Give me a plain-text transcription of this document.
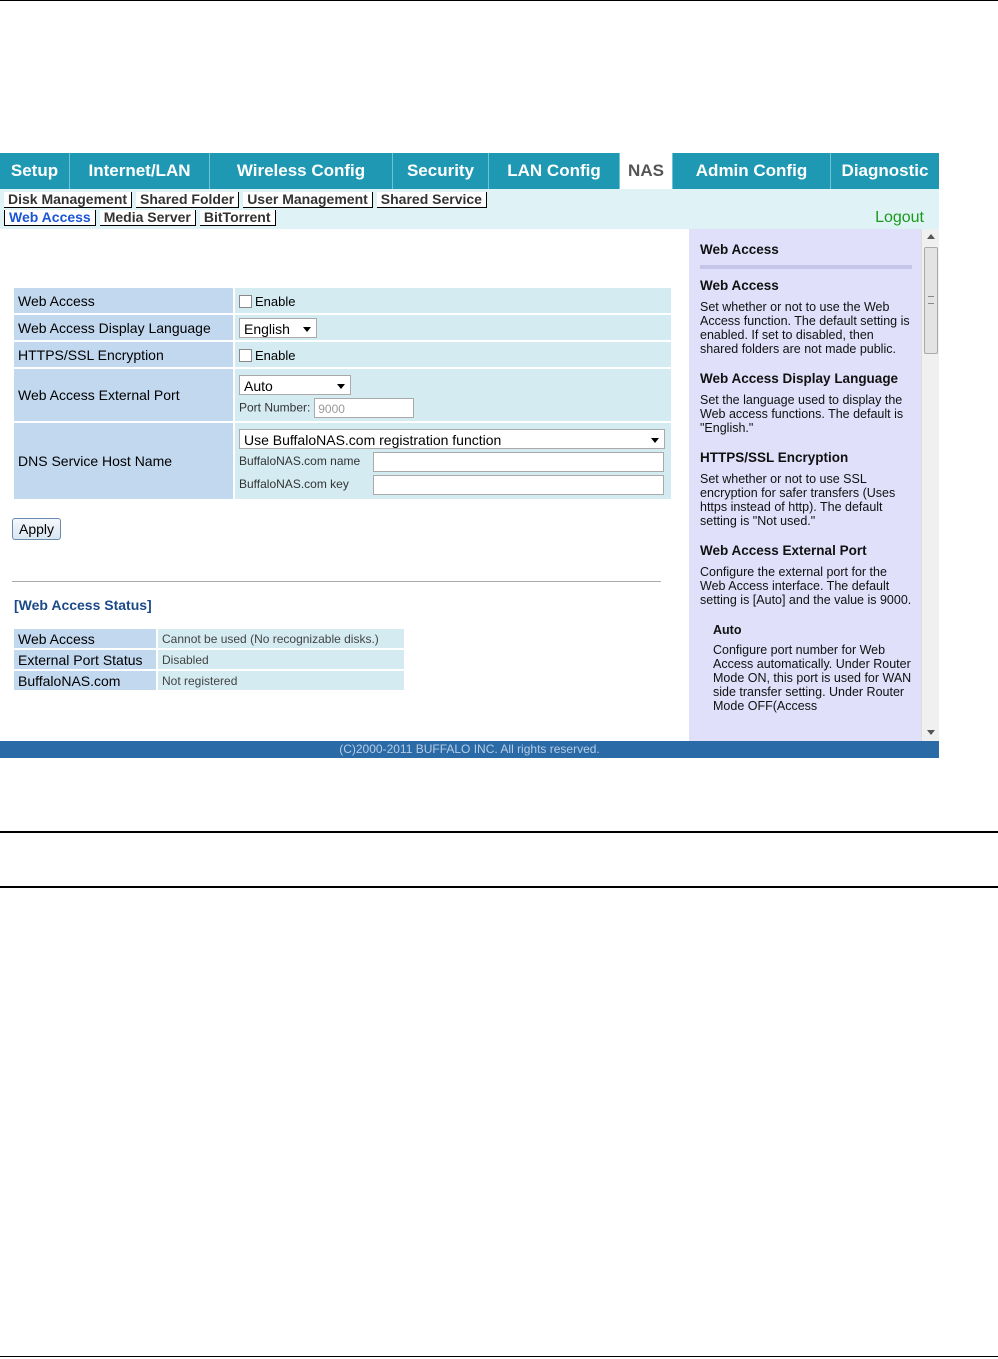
Setup	Internet/LAN	Wireless Config	Security	LAN Config	NAS	Admin Config	Diagnostic
Disk Management Shared Folder User Management Shared Service
Web Access Media Server BitTorrent	Logout
Web Access	Enable
Web Access Display Language	English

HTTPS/SSL Encryption	Enable
Web Access External Port	Auto
Port Number: 9000

DNS Service Host Name	Use BuffaloNAS.com registration function
BuffaloNAS.com name
BuffaloNAS.com key
Apply
[Web Access Status]
Web Access	Cannot be used (No recognizable disks.)
External Port Status	Disabled
BuffaloNAS.com	Not registered
Web Access
Web Access
Set whether or not to use the Web Access function. The default setting is enabled. If set to disabled, then shared folders are not made public.
Web Access Display Language
Set the language used to display the Web access functions. The default is "English."
HTTPS/SSL Encryption
Set whether or not to use SSL encryption for safer transfers (Uses https instead of http). The default setting is "Not used."
Web Access External Port
Configure the external port for the Web Access interface. The default setting is [Auto] and the value is 9000.
Auto
Configure port number for Web Access automatically. Under Router Mode ON, this port is used for WAN side transfer setting. Under Router Mode OFF(Access
(C)2000-2011 BUFFALO INC. All rights reserved.
